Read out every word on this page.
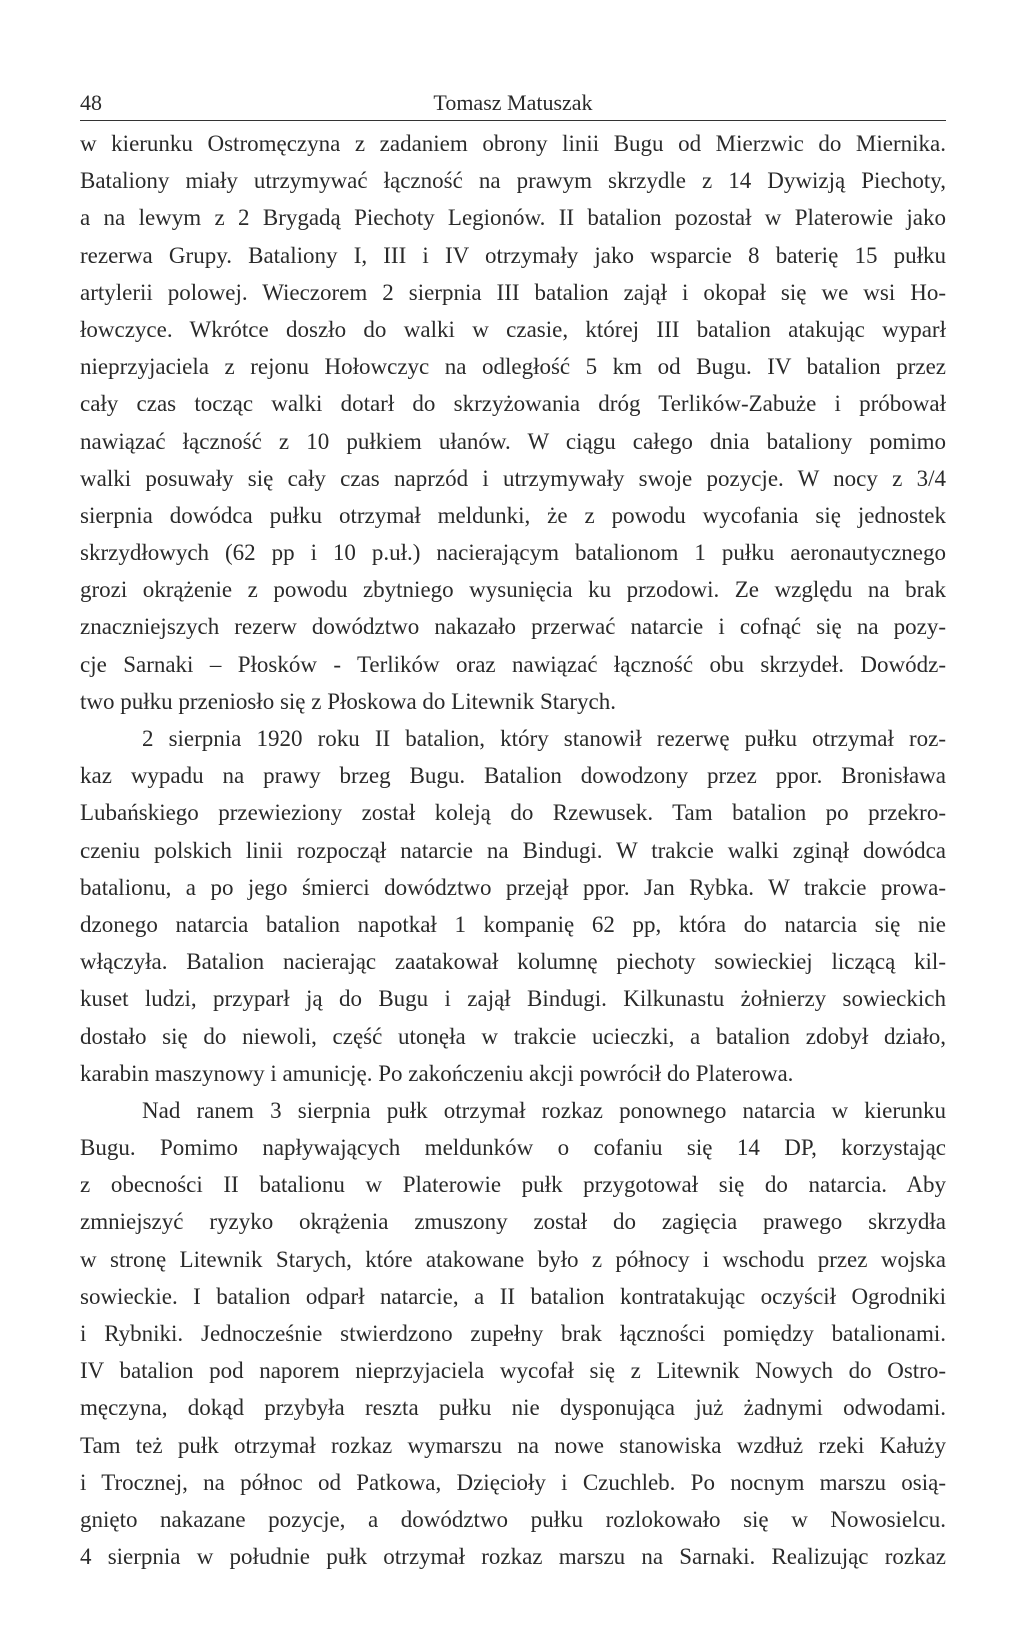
48	Tomasz Matuszak
w kierunku Ostromęczyna z zadaniem obrony linii Bugu od Mierzwic do Miernika.
Bataliony miały utrzymywać łączność na prawym skrzydle z 14 Dywizją Piechoty,
a na lewym z 2 Brygadą Piechoty Legionów. II batalion pozostał w Platerowie jako
rezerwa Grupy. Bataliony I, III i IV otrzymały jako wsparcie 8 baterię 15 pułku
artylerii polowej. Wieczorem 2 sierpnia III batalion zajął i okopał się we wsi Ho-
łowczyce. Wkrótce doszło do walki w czasie, której III batalion atakując wyparł
nieprzyjaciela z rejonu Hołowczyc na odległość 5 km od Bugu. IV batalion przez
cały czas tocząc walki dotarł do skrzyżowania dróg Terlików-Zabuże i próbował
nawiązać łączność z 10 pułkiem ułanów. W ciągu całego dnia bataliony pomimo
walki posuwały się cały czas naprzód i utrzymywały swoje pozycje. W nocy z 3/4
sierpnia dowódca pułku otrzymał meldunki, że z powodu wycofania się jednostek
skrzydłowych (62 pp i 10 p.uł.) nacierającym batalionom 1 pułku aeronautycznego
grozi okrążenie z powodu zbytniego wysunięcia ku przodowi. Ze względu na brak
znaczniejszych rezerw dowództwo nakazało przerwać natarcie i cofnąć się na pozy-
cje Sarnaki – Płosków - Terlików oraz nawiązać łączność obu skrzydeł. Dowódz-
two pułku przeniosło się z Płoskowa do Litewnik Starych.
2 sierpnia 1920 roku II batalion, który stanowił rezerwę pułku otrzymał roz-
kaz wypadu na prawy brzeg Bugu. Batalion dowodzony przez ppor. Bronisława
Lubańskiego przewieziony został koleją do Rzewusek. Tam batalion po przekro-
czeniu polskich linii rozpoczął natarcie na Bindugi. W trakcie walki zginął dowódca
batalionu, a po jego śmierci dowództwo przejął ppor. Jan Rybka. W trakcie prowa-
dzonego natarcia batalion napotkał 1 kompanię 62 pp, która do natarcia się nie
włączyła. Batalion nacierając zaatakował kolumnę piechoty sowieckiej liczącą kil-
kuset ludzi, przyparł ją do Bugu i zajął Bindugi. Kilkunastu żołnierzy sowieckich
dostało się do niewoli, część utonęła w trakcie ucieczki, a batalion zdobył działo,
karabin maszynowy i amunicję. Po zakończeniu akcji powrócił do Platerowa.
Nad ranem 3 sierpnia pułk otrzymał rozkaz ponownego natarcia w kierunku
Bugu. Pomimo napływających meldunków o cofaniu się 14 DP, korzystając
z obecności II batalionu w Platerowie pułk przygotował się do natarcia. Aby
zmniejszyć ryzyko okrążenia zmuszony został do zagięcia prawego skrzydła
w stronę Litewnik Starych, które atakowane było z północy i wschodu przez wojska
sowieckie. I batalion odparł natarcie, a II batalion kontratakując oczyścił Ogrodniki
i Rybniki. Jednocześnie stwierdzono zupełny brak łączności pomiędzy batalionami.
IV batalion pod naporem nieprzyjaciela wycofał się z Litewnik Nowych do Ostro-
męczyna, dokąd przybyła reszta pułku nie dysponująca już żadnymi odwodami.
Tam też pułk otrzymał rozkaz wymarszu na nowe stanowiska wzdłuż rzeki Kałuży
i Trocznej, na północ od Patkowa, Dzięcioły i Czuchleb. Po nocnym marszu osią-
gnięto nakazane pozycje, a dowództwo pułku rozlokowało się w Nowosielcu.
4 sierpnia w południe pułk otrzymał rozkaz marszu na Sarnaki. Realizując rozkaz
